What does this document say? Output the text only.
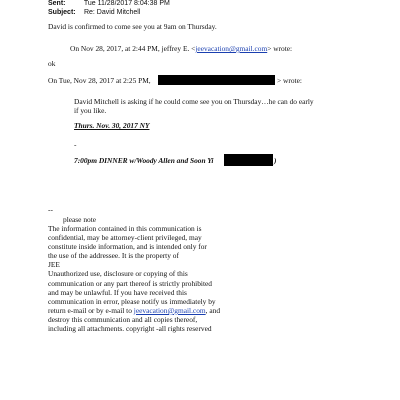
Sent:	Tue 11/28/2017 8:04:38 PM
Subject: Re: David Mitchell
David is confirmed to come see you at 9am on Thursday.
On Nov 28, 2017, at 2:44 PM, jeffrey E. <jeevacation@gmail.com> wrote:
ok
On Tue, Nov 28, 2017 at 2:25 PM,	> wrote:
David Mitchell is asking if he could come see you on Thursday…he can do early
if you like.
Thurs. Nov. 30, 2017 NY
-
7:00pm DINNER w/Woody Allen and Soon Yi	)
--
please note
The information contained in this communication is
confidential, may be attorney-client privileged, may
constitute inside information, and is intended only for
the use of the addressee. It is the property of
JEE
Unauthorized use, disclosure or copying of this
communication or any part thereof is strictly prohibited
and may be unlawful. If you have received this
communication in error, please notify us immediately by
return e-mail or by e-mail to jeevacation@gmail.com, and
destroy this communication and all copies thereof,
including all attachments. copyright -all rights reserved
